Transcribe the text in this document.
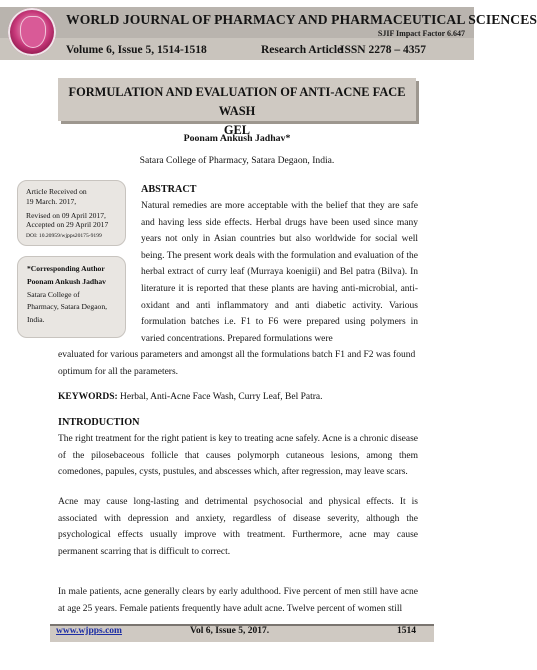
WORLD JOURNAL OF PHARMACY AND PHARMACEUTICAL SCIENCES
SJIF Impact Factor 6.647
Volume 6, Issue 5, 1514-1518	Research Article
ISSN 2278 – 4357
FORMULATION AND EVALUATION OF ANTI-ACNE FACE WASH
GEL
Poonam Ankush Jadhav*
Satara College of Pharmacy, Satara Degaon, India.
Article Received on
19 March. 2017,
Revised on 09 April 2017,
Accepted on 29 April 2017
DOI: 10.20959/wjpps20175-9199
*Corresponding Author
Poonam Ankush Jadhav
Satara College of
Pharmacy, Satara Degaon,
India.
ABSTRACT
Natural remedies are more acceptable with the belief that they are safe and having less side effects. Herbal drugs have been used since many years not only in Asian countries but also worldwide for social well being. The present work deals with the formulation and evaluation of the herbal extract of curry leaf (Murraya koenigii) and Bel patra (Bilva). In literature it is reported that these plants are having anti-microbial, anti-oxidant and anti inflammatory and anti diabetic activity. Various formulation batches i.e. F1 to F6 were prepared using polymers in varied concentrations. Prepared formulations were
evaluated for various parameters and amongst all the formulations batch F1 and F2 was found optimum for all the parameters.
KEYWORDS: Herbal, Anti-Acne Face Wash, Curry Leaf, Bel Patra.
INTRODUCTION
The right treatment for the right patient is key to treating acne safely. Acne is a chronic disease of the pilosebaceous follicle that causes polymorph cutaneous lesions, among them comedones, papules, cysts, pustules, and abscesses which, after regression, may leave scars.
Acne may cause long-lasting and detrimental psychosocial and physical effects. It is associated with depression and anxiety, regardless of disease severity, although the psychological effects usually improve with treatment. Furthermore, acne may cause permanent scarring that is difficult to correct.
In male patients, acne generally clears by early adulthood. Five percent of men still have acne at age 25 years. Female patients frequently have adult acne. Twelve percent of women still
www.wjpps.com	Vol 6, Issue 5, 2017.	1514
